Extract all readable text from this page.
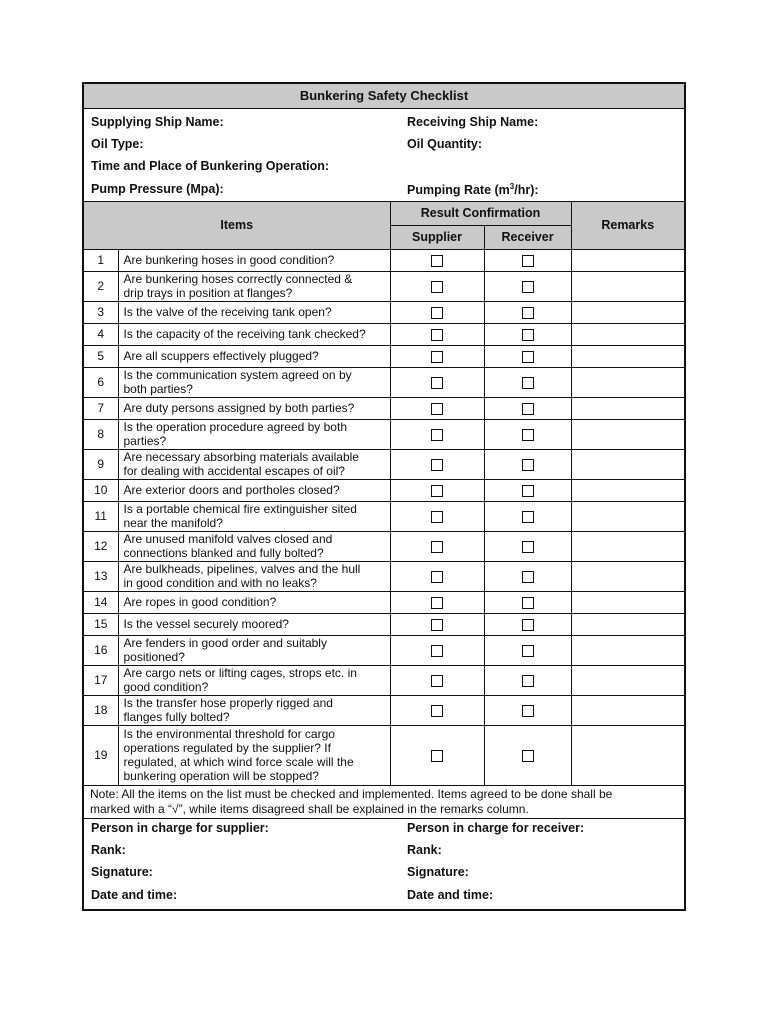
Bunkering Safety Checklist
Supplying Ship Name:	Receiving Ship Name:
Oil Type:	Oil Quantity:
Time and Place of Bunkering Operation:
Pump Pressure (Mpa):	Pumping Rate $(m^3/hr)$:
Items		Result Confirmation		Remarks
		Supplier	Receiver	
1	Are bunkering hoses in good condition?			

2	Are bunkering hoses correctly connected &
drip trays in position at flanges?			

3	Is the valve of the receiving tank open?			

4	Is the capacity of the receiving tank checked?			

5	Are all scuppers effectively plugged?			

6	Is the communication system agreed on by
both parties?			

7	Are duty persons assigned by both parties?			

8	Is the operation procedure agreed by both
parties?			

9	Are necessary absorbing materials available
for dealing with accidental escapes of oil?			

10	Are exterior doors and portholes closed?			

11	Is a portable chemical fire extinguisher sited
near the manifold?			

12	Are unused manifold valves closed and
connections blanked and fully bolted?			

13	Are bulkheads, pipelines, valves and the hull
in good condition and with no leaks?			

14	Are ropes in good condition?			

15	Is the vessel securely moored?			

16	Are fenders in good order and suitably
positioned?			

17	Are cargo nets or lifting cages, strops etc. in
good condition?			

18	Is the transfer hose properly rigged and
flanges fully bolted?			

19	Is the environmental threshold for cargo
operations regulated by the supplier? If
regulated, at which wind force scale will the
bunkering operation will be stopped?			

Note: All the items on the list must be checked and implemented. Items agreed to be done shall be
marked with a “√”, while items disagreed shall be explained in the remarks column.
Person in charge for supplier:	Person in charge for receiver:
Rank:	Rank:
Signature:	Signature:
Date and time:	Date and time:
